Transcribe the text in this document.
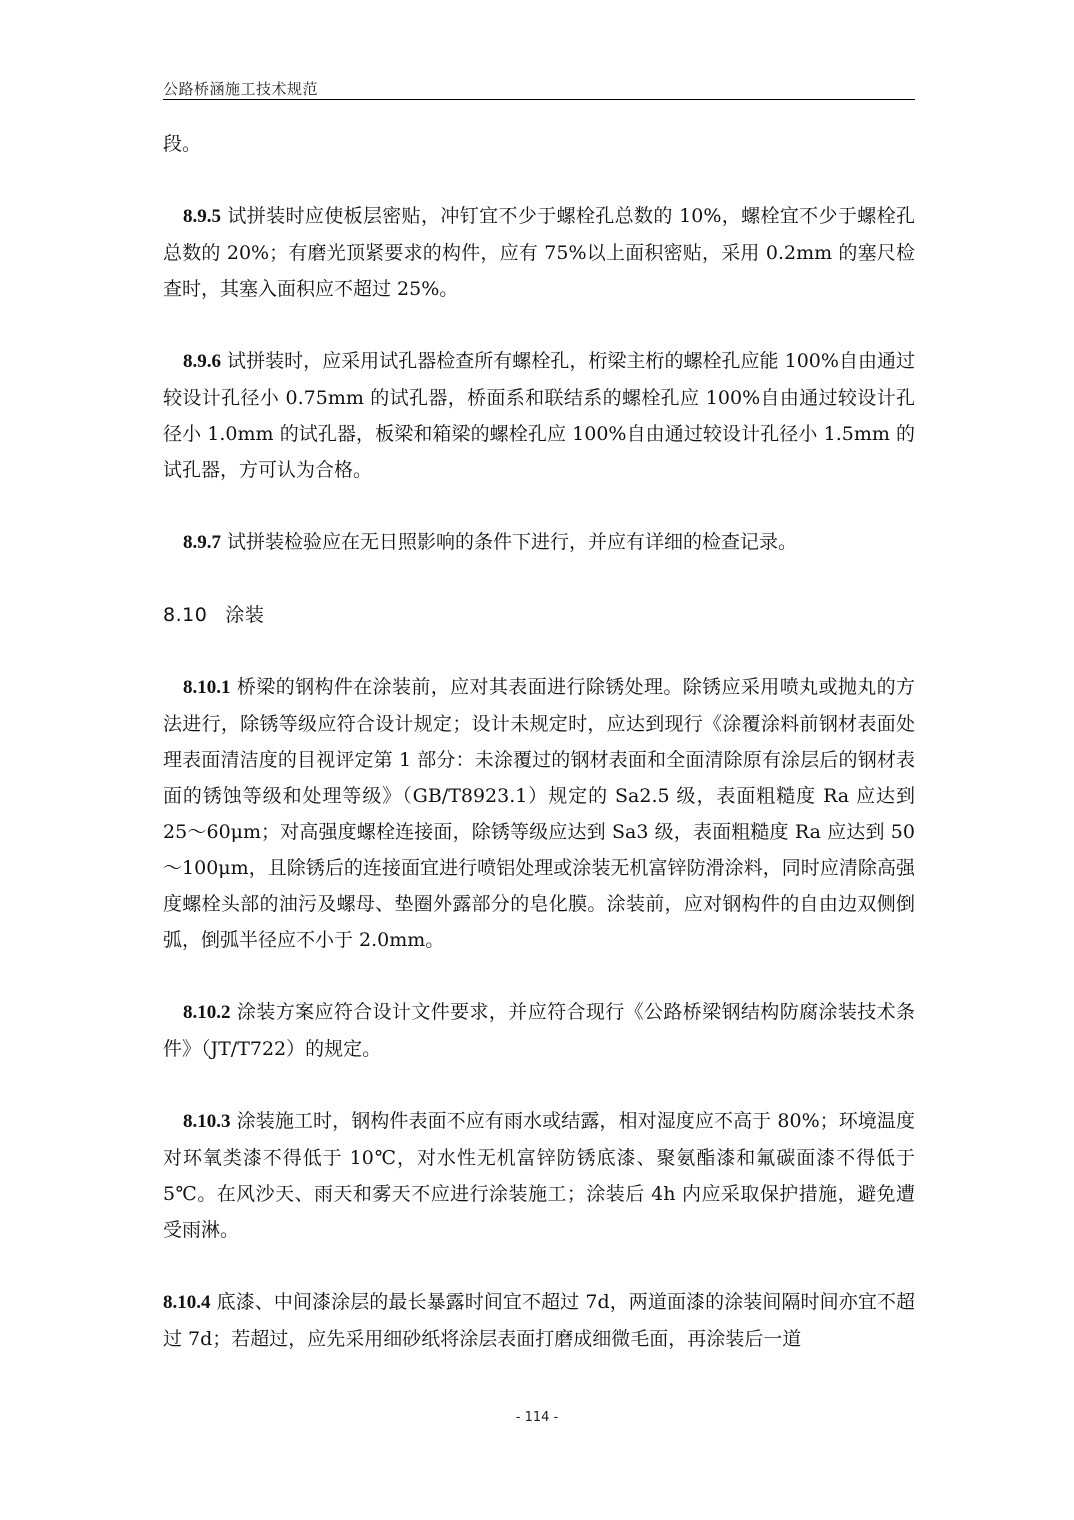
公路桥涵施工技术规范

段。

8.9.5 试拼装时应使板层密贴，冲钉宜不少于螺栓孔总数的 10%，螺栓宜不少于螺栓孔总数的 20%；有磨光顶紧要求的构件，应有 75%以上面积密贴，采用 0.2mm 的塞尺检查时，其塞入面积应不超过 25%。

8.9.6 试拼装时，应采用试孔器检查所有螺栓孔，桁梁主桁的螺栓孔应能 100%自由通过较设计孔径小 0.75mm 的试孔器，桥面系和联结系的螺栓孔应 100%自由通过较设计孔径小 1.0mm 的试孔器，板梁和箱梁的螺栓孔应 100%自由通过较设计孔径小 1.5mm 的试孔器，方可认为合格。

8.9.7 试拼装检验应在无日照影响的条件下进行，并应有详细的检查记录。

8.10 涂装

8.10.1 桥梁的钢构件在涂装前，应对其表面进行除锈处理。除锈应采用喷丸或抛丸的方法进行，除锈等级应符合设计规定；设计未规定时，应达到现行《涂覆涂料前钢材表面处理表面清洁度的目视评定第 1 部分：未涂覆过的钢材表面和全面清除原有涂层后的钢材表面的锈蚀等级和处理等级》（GB/T8923.1）规定的 Sa2.5 级，表面粗糙度 Ra 应达到 25～60μm；对高强度螺栓连接面，除锈等级应达到 Sa3 级，表面粗糙度 Ra 应达到 50～100μm，且除锈后的连接面宜进行喷铝处理或涂装无机富锌防滑涂料，同时应清除高强度螺栓头部的油污及螺母、垫圈外露部分的皂化膜。涂装前，应对钢构件的自由边双侧倒弧，倒弧半径应不小于 2.0mm。

8.10.2 涂装方案应符合设计文件要求，并应符合现行《公路桥梁钢结构防腐涂装技术条件》（JT/T722）的规定。

8.10.3 涂装施工时，钢构件表面不应有雨水或结露，相对湿度应不高于 80%；环境温度对环氧类漆不得低于 10℃，对水性无机富锌防锈底漆、聚氨酯漆和氟碳面漆不得低于 5℃。在风沙天、雨天和雾天不应进行涂装施工；涂装后 4h 内应采取保护措施，避免遭受雨淋。

8.10.4 底漆、中间漆涂层的最长暴露时间宜不超过 7d，两道面漆的涂装间隔时间亦宜不超过 7d；若超过，应先采用细砂纸将涂层表面打磨成细微毛面，再涂装后一道

- 114 -
